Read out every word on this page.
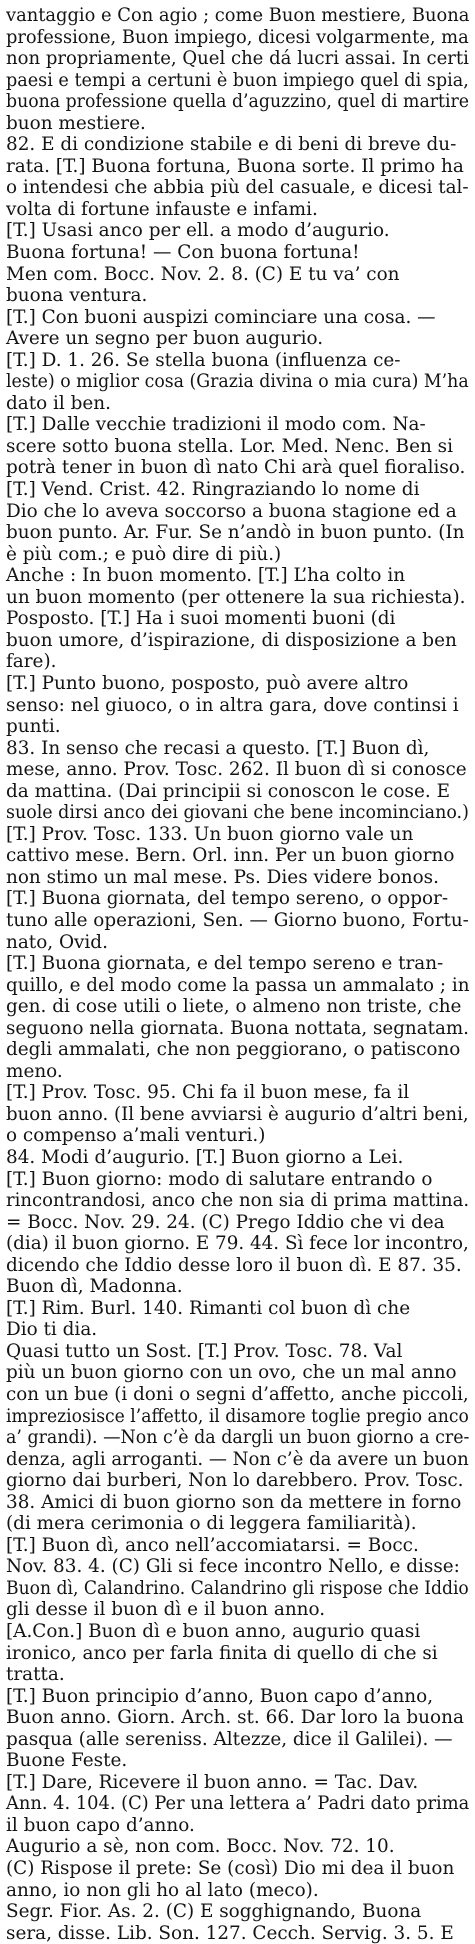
vantaggio e Con agio ; come Buon mestiere, Buona
professione, Buon impiego, dicesi volgarmente, ma
non propriamente, Quel che dá lucri assai. In certi
paesi e tempi a certuni è buon impiego quel di spia,
buona professione quella d’aguzzino, quel di martire
buon mestiere.
82. E di condizione stabile e di beni di breve du-
rata. [T.] Buona fortuna, Buona sorte. Il primo ha
o intendesi che abbia più del casuale, e dicesi tal-
volta di fortune infauste e infami.
[T.] Usasi anco per ell. a modo d’augurio.
Buona fortuna! — Con buona fortuna!
Men com. Bocc. Nov. 2. 8. (C) E tu va’ con
buona ventura.
[T.] Con buoni auspizi cominciare una cosa. —
Avere un segno per buon augurio.
[T.] D. 1. 26. Se stella buona (influenza ce-
leste) o miglior cosa (Grazia divina o mia cura) M’ha
dato il ben.
[T.] Dalle vecchie tradizioni il modo com. Na-
scere sotto buona stella. Lor. Med. Nenc. Ben si
potrà tener in buon dì nato Chi arà quel fioraliso.
[T.] Vend. Crist. 42. Ringraziando lo nome di
Dio che lo aveva soccorso a buona stagione ed a
buon punto. Ar. Fur. Se n’andò in buon punto. (In
è più com.; e può dire di più.)
Anche : In buon momento. [T.] L’ha colto in
un buon momento (per ottenere la sua richiesta).
Posposto. [T.] Ha i suoi momenti buoni (di
buon umore, d’ispirazione, di disposizione a ben
fare).
[T.] Punto buono, posposto, può avere altro
senso: nel giuoco, o in altra gara, dove continsi i
punti.
83. In senso che recasi a questo. [T.] Buon dì,
mese, anno. Prov. Tosc. 262. Il buon dì si conosce
da mattina. (Dai principii si conoscon le cose. E
suole dirsi anco dei giovani che bene incominciano.)
[T.] Prov. Tosc. 133. Un buon giorno vale un
cattivo mese. Bern. Orl. inn. Per un buon giorno
non stimo un mal mese. Ps. Dies videre bonos.
[T.] Buona giornata, del tempo sereno, o oppor-
tuno alle operazioni, Sen. — Giorno buono, Fortu-
nato, Ovid.
[T.] Buona giornata, e del tempo sereno e tran-
quillo, e del modo come la passa un ammalato ; in
gen. di cose utili o liete, o almeno non triste, che
seguono nella giornata. Buona nottata, segnatam.
degli ammalati, che non peggiorano, o patiscono
meno.
[T.] Prov. Tosc. 95. Chi fa il buon mese, fa il
buon anno. (Il bene avviarsi è augurio d’altri beni,
o compenso a’mali venturi.)
84. Modi d’augurio. [T.] Buon giorno a Lei.
[T.] Buon giorno: modo di salutare entrando o
rincontrandosi, anco che non sia di prima mattina.
= Bocc. Nov. 29. 24. (C) Prego Iddio che vi dea
(dia) il buon giorno. E 79. 44. Sì fece lor incontro,
dicendo che Iddio desse loro il buon dì. E 87. 35.
Buon dì, Madonna.
[T.] Rim. Burl. 140. Rimanti col buon dì che
Dio ti dia.
Quasi tutto un Sost. [T.] Prov. Tosc. 78. Val
più un buon giorno con un ovo, che un mal anno
con un bue (i doni o segni d’affetto, anche piccoli,
impreziosisce l’affetto, il disamore toglie pregio anco
a’ grandi). —Non c’è da dargli un buon giorno a cre-
denza, agli arroganti. — Non c’è da avere un buon
giorno dai burberi, Non lo darebbero. Prov. Tosc.
38. Amici di buon giorno son da mettere in forno
(di mera cerimonia o di leggera familiarità).
[T.] Buon dì, anco nell’accomiatarsi. = Bocc.
Nov. 83. 4. (C) Gli si fece incontro Nello, e disse:
Buon dì, Calandrino. Calandrino gli rispose che Iddio
gli desse il buon dì e il buon anno.
[A.Con.] Buon dì e buon anno, augurio quasi
ironico, anco per farla finita di quello di che si
tratta.
[T.] Buon principio d’anno, Buon capo d’anno,
Buon anno. Giorn. Arch. st. 66. Dar loro la buona
pasqua (alle sereniss. Altezze, dice il Galilei). —
Buone Feste.
[T.] Dare, Ricevere il buon anno. = Tac. Dav.
Ann. 4. 104. (C) Per una lettera a’ Padri dato prima
il buon capo d’anno.
Augurio a sè, non com. Bocc. Nov. 72. 10.
(C) Rispose il prete: Se (così) Dio mi dea il buon
anno, io non gli ho al lato (meco).
Segr. Fior. As. 2. (C) E sogghignando, Buona
sera, disse. Lib. Son. 127. Cecch. Servig. 3. 5. E
